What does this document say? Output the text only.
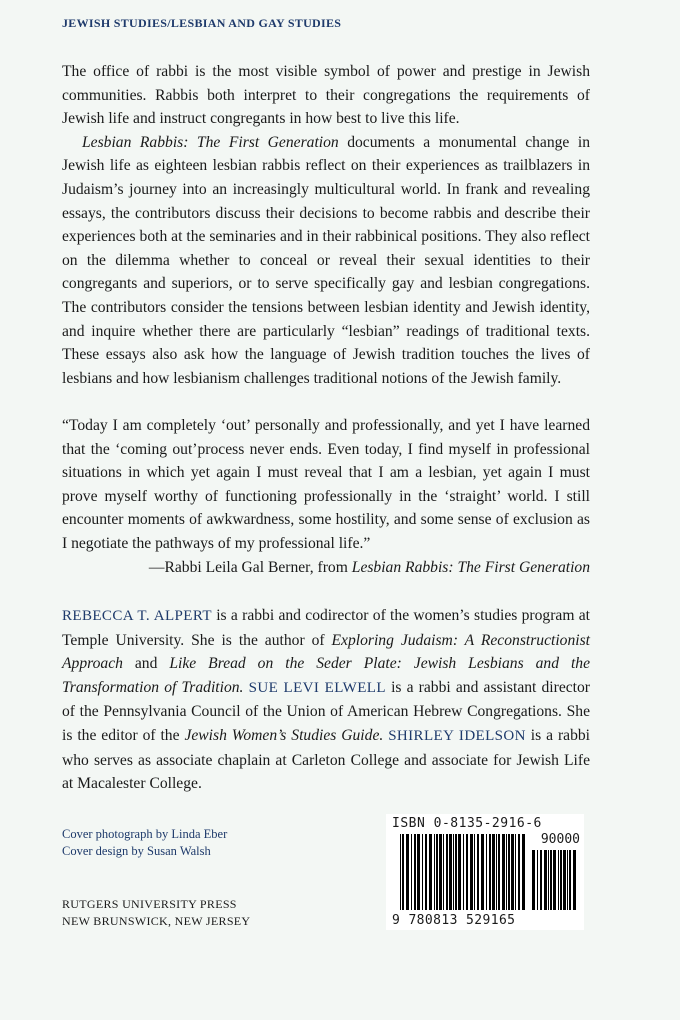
JEWISH STUDIES/LESBIAN AND GAY STUDIES

The office of rabbi is the most visible symbol of power and prestige in Jewish communities. Rabbis both interpret to their congregations the requirements of Jewish life and instruct congregants in how best to live this life.

Lesbian Rabbis: The First Generation documents a monumental change in Jewish life as eighteen lesbian rabbis reflect on their experiences as trailblazers in Judaism’s journey into an increasingly multicultural world. In frank and revealing essays, the contributors discuss their decisions to become rabbis and describe their experiences both at the seminaries and in their rabbinical positions. They also reflect on the dilemma whether to conceal or reveal their sexual identities to their congregants and superiors, or to serve specifically gay and lesbian congregations. The contributors consider the tensions between lesbian identity and Jewish identity, and inquire whether there are particularly “lesbian” readings of traditional texts. These essays also ask how the language of Jewish tradition touches the lives of lesbians and how lesbianism challenges traditional notions of the Jewish family.

“Today I am completely ‘out’ personally and professionally, and yet I have learned that the ‘coming out’process never ends. Even today, I find myself in professional situations in which yet again I must reveal that I am a lesbian, yet again I must prove myself worthy of functioning professionally in the ‘straight’ world. I still encounter moments of awkwardness, some hostility, and some sense of exclusion as I negotiate the pathways of my professional life.”

—Rabbi Leila Gal Berner, from Lesbian Rabbis: The First Generation

REBECCA T. ALPERT is a rabbi and codirector of the women’s studies program at Temple University. She is the author of Exploring Judaism: A Reconstructionist Approach and Like Bread on the Seder Plate: Jewish Lesbians and the Transformation of Tradition. SUE LEVI ELWELL is a rabbi and assistant director of the Pennsylvania Council of the Union of American Hebrew Congregations. She is the editor of the Jewish Women’s Studies Guide. SHIRLEY IDELSON is a rabbi who serves as associate chaplain at Carleton College and associate for Jewish Life at Macalester College.
Cover photograph by Linda Eber
Cover design by Susan Walsh
RUTGERS UNIVERSITY PRESS
NEW BRUNSWICK, NEW JERSEY
ISBN 0-8135-2916-6
90000
9 780813 529165
